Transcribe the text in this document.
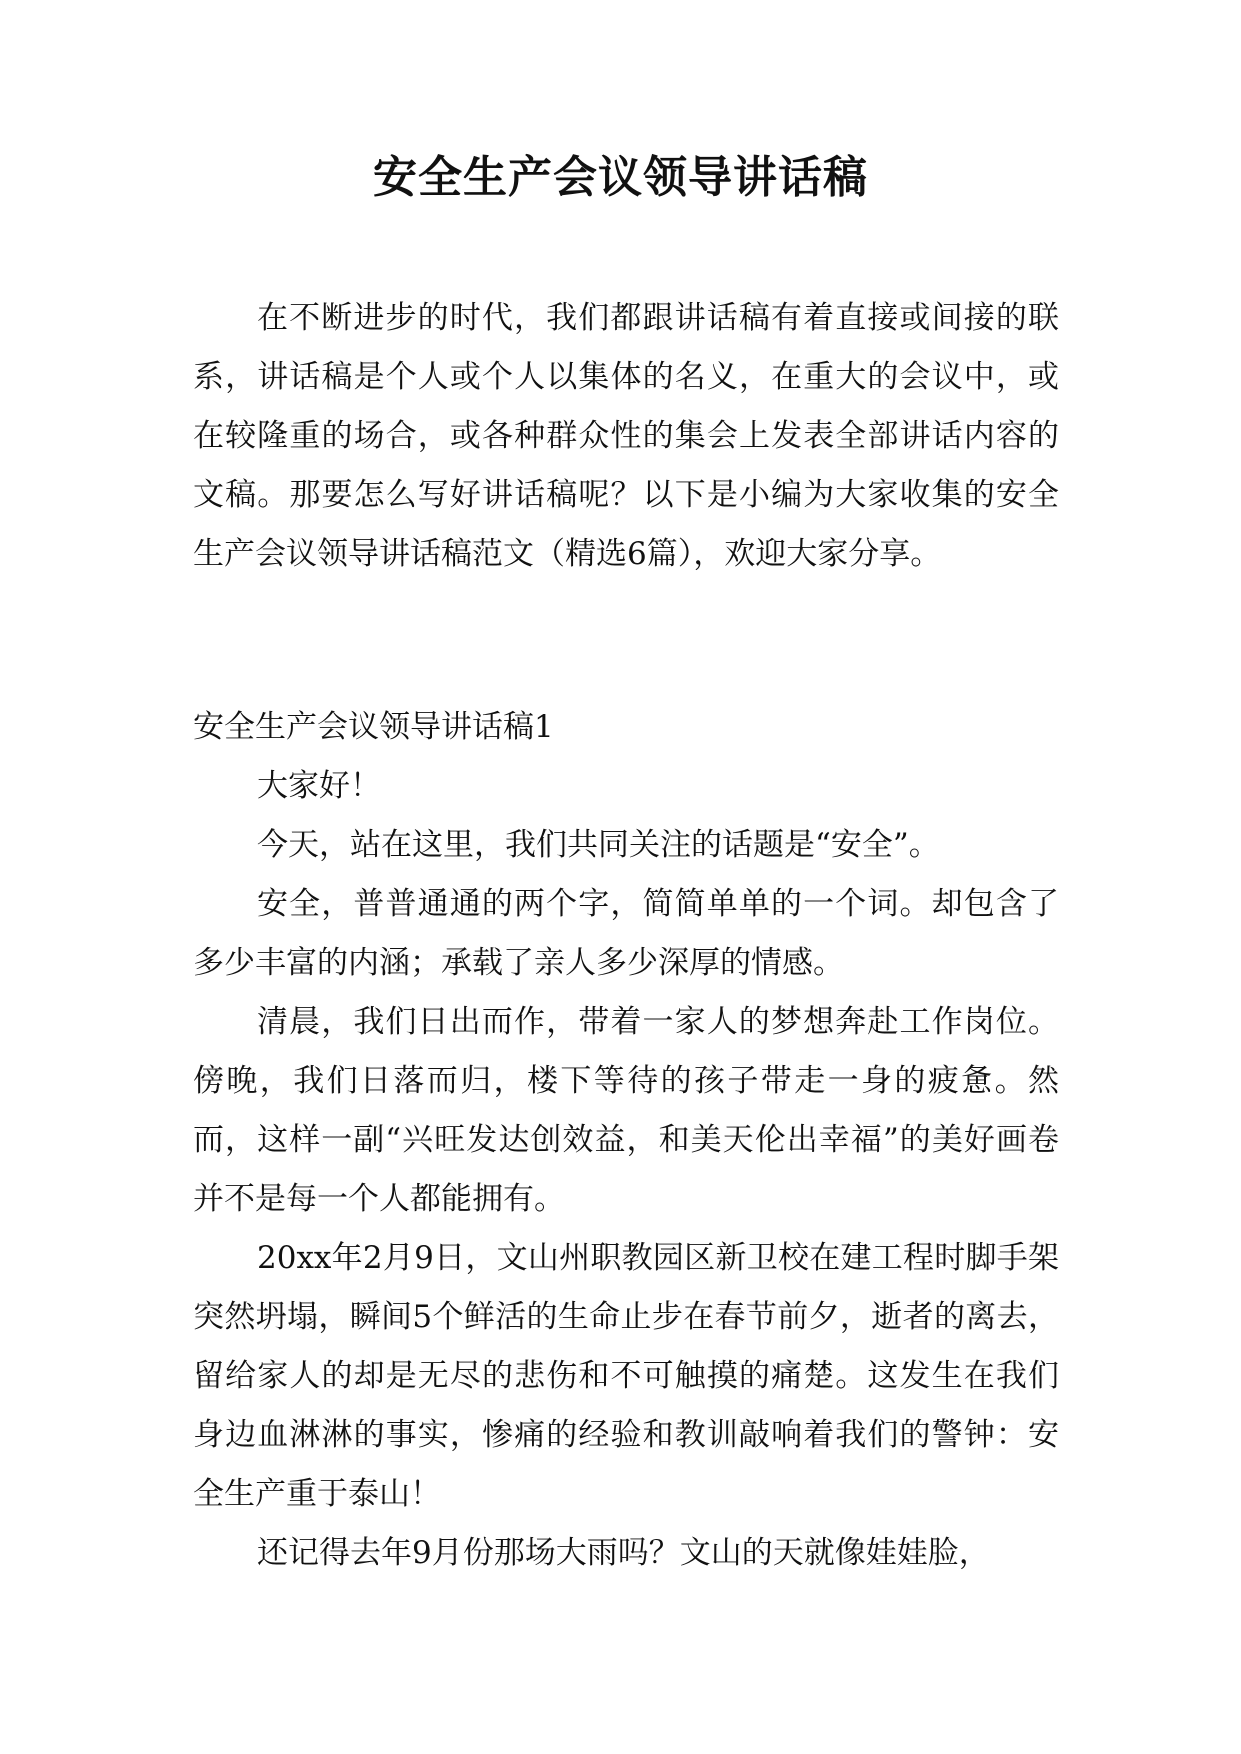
安全生产会议领导讲话稿

在不断进步的时代，我们都跟讲话稿有着直接或间接的联系，讲话稿是个人或个人以集体的名义，在重大的会议中，或在较隆重的场合，或各种群众性的集会上发表全部讲话内容的文稿。那要怎么写好讲话稿呢？以下是小编为大家收集的安全生产会议领导讲话稿范文（精选6篇），欢迎大家分享。

安全生产会议领导讲话稿1

大家好！

今天，站在这里，我们共同关注的话题是“安全”。

安全，普普通通的两个字，简简单单的一个词。却包含了多少丰富的内涵；承载了亲人多少深厚的情感。

清晨，我们日出而作，带着一家人的梦想奔赴工作岗位。傍晚，我们日落而归，楼下等待的孩子带走一身的疲惫。然而，这样一副“兴旺发达创效益，和美天伦出幸福”的美好画卷并不是每一个人都能拥有。

20xx年2月9日，文山州职教园区新卫校在建工程时脚手架突然坍塌，瞬间5个鲜活的生命止步在春节前夕，逝者的离去，留给家人的却是无尽的悲伤和不可触摸的痛楚。这发生在我们身边血淋淋的事实，惨痛的经验和教训敲响着我们的警钟：安全生产重于泰山！

还记得去年9月份那场大雨吗？文山的天就像娃娃脸，
